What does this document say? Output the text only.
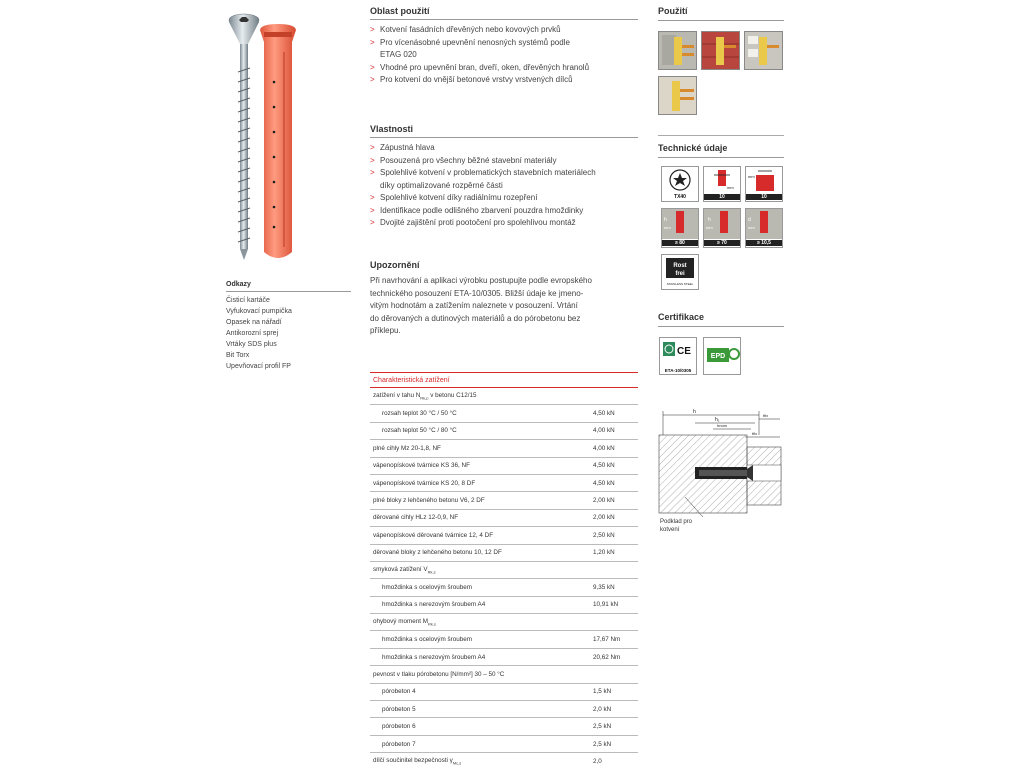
Odkazy
Čisticí kartáče
Vyfukovací pumpička
Opasek na nářadí
Antikorozní sprej
Vrtáky SDS plus
Bit Torx
Upevňovací profil FP
Oblast použití
> Kotvení fasádních dřevěných nebo kovových prvků
> Pro vícenásobné upevnění nenosných systémů podle
ETAG 020
> Vhodné pro upevnění bran, dveří, oken, dřevěných hranolů
> Pro kotvení do vnější betonové vrstvy vrstvených dílců
Vlastnosti
> Zápustná hlava
> Posouzená pro všechny běžné stavební materiály
> Spolehlivé kotvení v problematických stavebních materiálech
díky optimalizované rozpěrné části
> Spolehlivé kotvení díky radiálnímu rozepření
> Identifikace podle odlišného zbarvení pouzdra hmoždinky
> Dvojité zajištění proti pootočení pro spolehlivou montáž
Upozornění
Při navrhování a aplikaci výrobku postupujte podle evropského
technického posouzení ETA-10/0305. Bližší údaje ke jmeno-
vitým hodnotám a zatížením naleznete v posouzení. Vrtání
do děrovaných a dutinových materiálů a do pórobetonu bez
příklepu.
Charakteristická zatížení
zatížení v tahu $N_{Rk,p}$ v betonu C12/15
rozsah teplot 30 °C / 50 °C	4,50 kN
rozsah teplot 50 °C / 80 °C	4,00 kN
plné cihly Mz 20-1,8, NF	4,00 kN
vápenopískové tvárnice KS 36, NF	4,50 kN
vápenopískové tvárnice KS 20, 8 DF	4,50 kN
plné bloky z lehčeného betonu V6, 2 DF	2,00 kN
děrované cihly HLz 12-0,9, NF	2,00 kN
vápenopískové děrované tvárnice 12, 4 DF	2,50 kN
děrované bloky z lehčeného betonu 10, 12 DF	1,20 kN
smyková zatížení $V_{Rk,s}$
hmoždinka s ocelovým šroubem	9,35 kN
hmoždinka s nerezovým šroubem A4	10,91 kN
ohybový moment $M_{Rk,s}$
hmoždinka s ocelovým šroubem	17,67 Nm
hmoždinka s nerezovým šroubem A4	20,62 Nm
pevnost v tlaku pórobetonu [N/mm²] 30 – 50 °C
pórobeton 4	1,5 kN
pórobeton 5	2,0 kN
pórobeton 6	2,5 kN
pórobeton 7	2,5 kN
dílčí součinitel bezpečnosti $\gamma_{Mc,s}$	2,0
Použití
Technické údaje
TX40
mm
10
mm
10
h
mm
≥ 80
h
mm
≥ 70
d
mm
≥ 10,5
Rost
frei
STAINLESS STEEL
Certifikace
CE
ETA-10/0305
EPD
h
h₁
hnom
tfix
tfix
Podklad pro
kotvení
